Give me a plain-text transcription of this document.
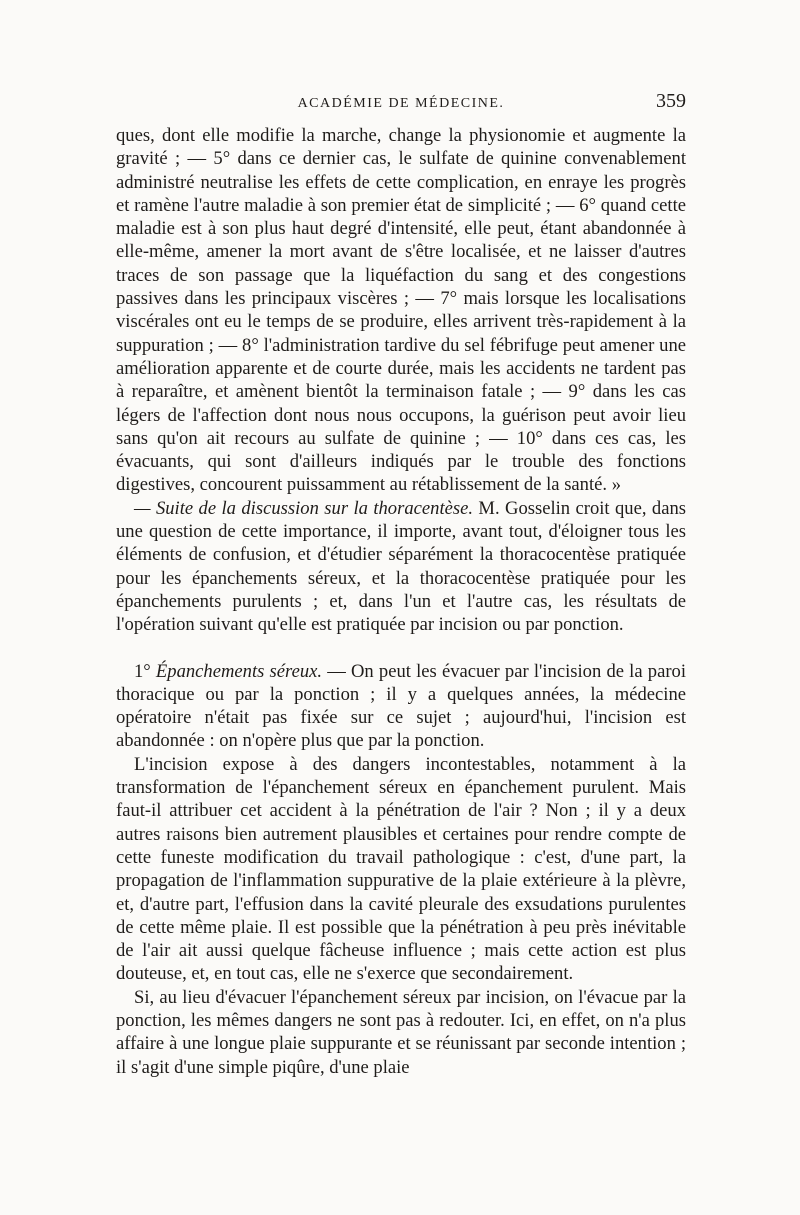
ACADÉMIE DE MÉDECINE.	359

ques, dont elle modifie la marche, change la physionomie et augmente la gravité ; — 5° dans ce dernier cas, le sulfate de quinine convenablement administré neutralise les effets de cette complication, en enraye les progrès et ramène l'autre maladie à son premier état de simplicité ; — 6° quand cette maladie est à son plus haut degré d'intensité, elle peut, étant abandonnée à elle-même, amener la mort avant de s'être localisée, et ne laisser d'autres traces de son passage que la liquéfaction du sang et des congestions passives dans les principaux viscères ; — 7° mais lorsque les localisations viscérales ont eu le temps de se produire, elles arrivent très-rapidement à la suppuration ; — 8° l'administration tardive du sel fébrifuge peut amener une amélioration apparente et de courte durée, mais les accidents ne tardent pas à reparaître, et amènent bientôt la terminaison fatale ; — 9° dans les cas légers de l'affection dont nous nous occupons, la guérison peut avoir lieu sans qu'on ait recours au sulfate de quinine ; — 10° dans ces cas, les évacuants, qui sont d'ailleurs indiqués par le trouble des fonctions digestives, concourent puissamment au rétablissement de la santé. »

— Suite de la discussion sur la thoracentèse. M. Gosselin croit que, dans une question de cette importance, il importe, avant tout, d'éloigner tous les éléments de confusion, et d'étudier séparément la thoracocentèse pratiquée pour les épanchements séreux, et la thoracocentèse pratiquée pour les épanchements purulents ; et, dans l'un et l'autre cas, les résultats de l'opération suivant qu'elle est pratiquée par incision ou par ponction.

1° Épanchements séreux. — On peut les évacuer par l'incision de la paroi thoracique ou par la ponction ; il y a quelques années, la médecine opératoire n'était pas fixée sur ce sujet ; aujourd'hui, l'incision est abandonnée : on n'opère plus que par la ponction.

L'incision expose à des dangers incontestables, notamment à la transformation de l'épanchement séreux en épanchement purulent. Mais faut-il attribuer cet accident à la pénétration de l'air ? Non ; il y a deux autres raisons bien autrement plausibles et certaines pour rendre compte de cette funeste modification du travail pathologique : c'est, d'une part, la propagation de l'inflammation suppurative de la plaie extérieure à la plèvre, et, d'autre part, l'effusion dans la cavité pleurale des exsudations purulentes de cette même plaie. Il est possible que la pénétration à peu près inévitable de l'air ait aussi quelque fâcheuse influence ; mais cette action est plus douteuse, et, en tout cas, elle ne s'exerce que secondairement.

Si, au lieu d'évacuer l'épanchement séreux par incision, on l'évacue par la ponction, les mêmes dangers ne sont pas à redouter. Ici, en effet, on n'a plus affaire à une longue plaie suppurante et se réunissant par seconde intention ; il s'agit d'une simple piqûre, d'une plaie
